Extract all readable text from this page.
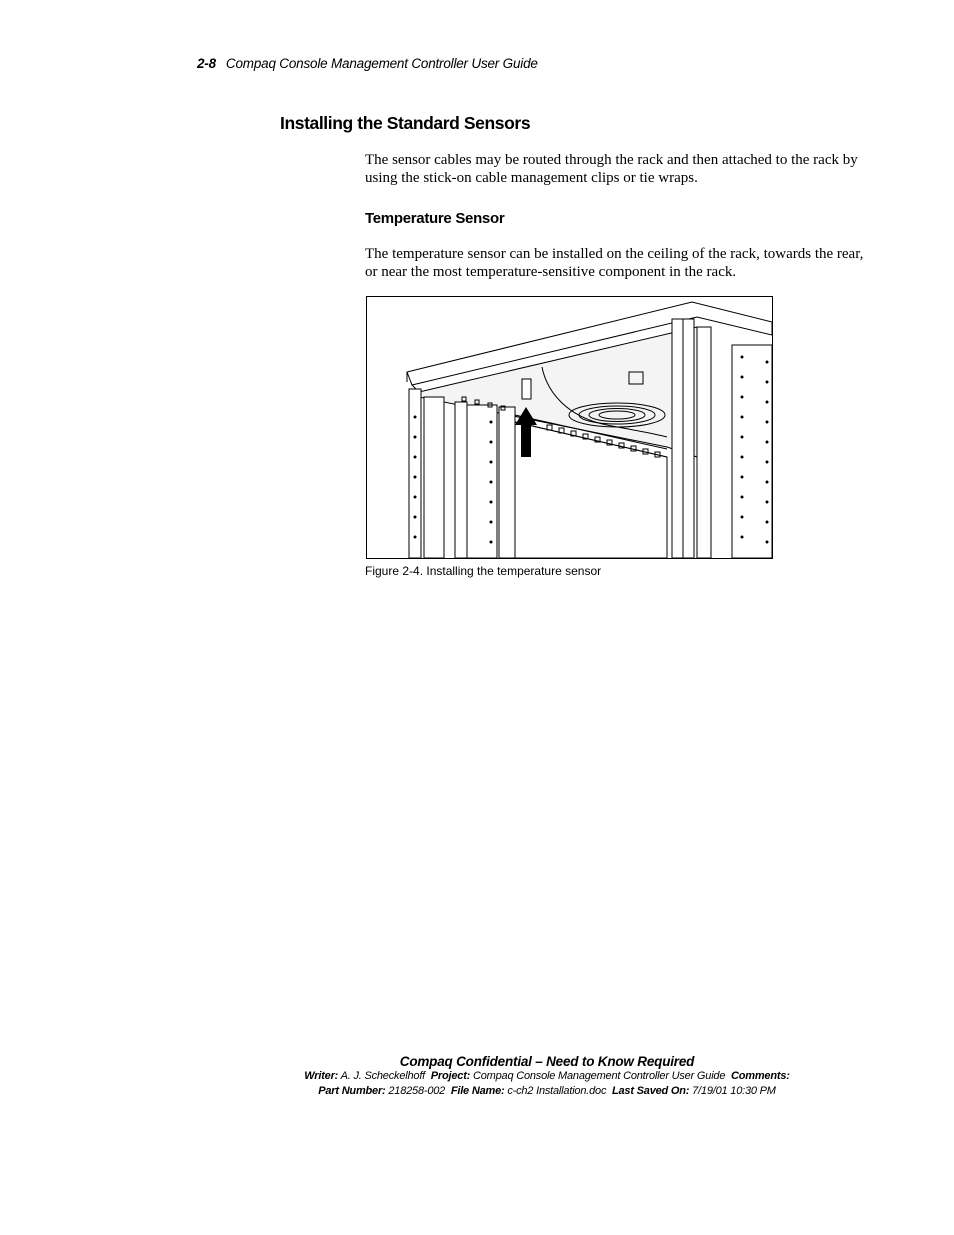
2-8 Compaq Console Management Controller User Guide
Installing the Standard Sensors

The sensor cables may be routed through the rack and then attached to the rack by using the stick-on cable management clips or tie wraps.

Temperature Sensor

The temperature sensor can be installed on the ceiling of the rack, towards the rear, or near the most temperature-sensitive component in the rack.

Figure 2-4. Installing the temperature sensor
Compaq Confidential – Need to Know Required
Writer: A. J. Scheckelhoff Project: Compaq Console Management Controller User Guide Comments:
Part Number: 218258-002 File Name: c-ch2 Installation.doc Last Saved On: 7/19/01 10:30 PM
